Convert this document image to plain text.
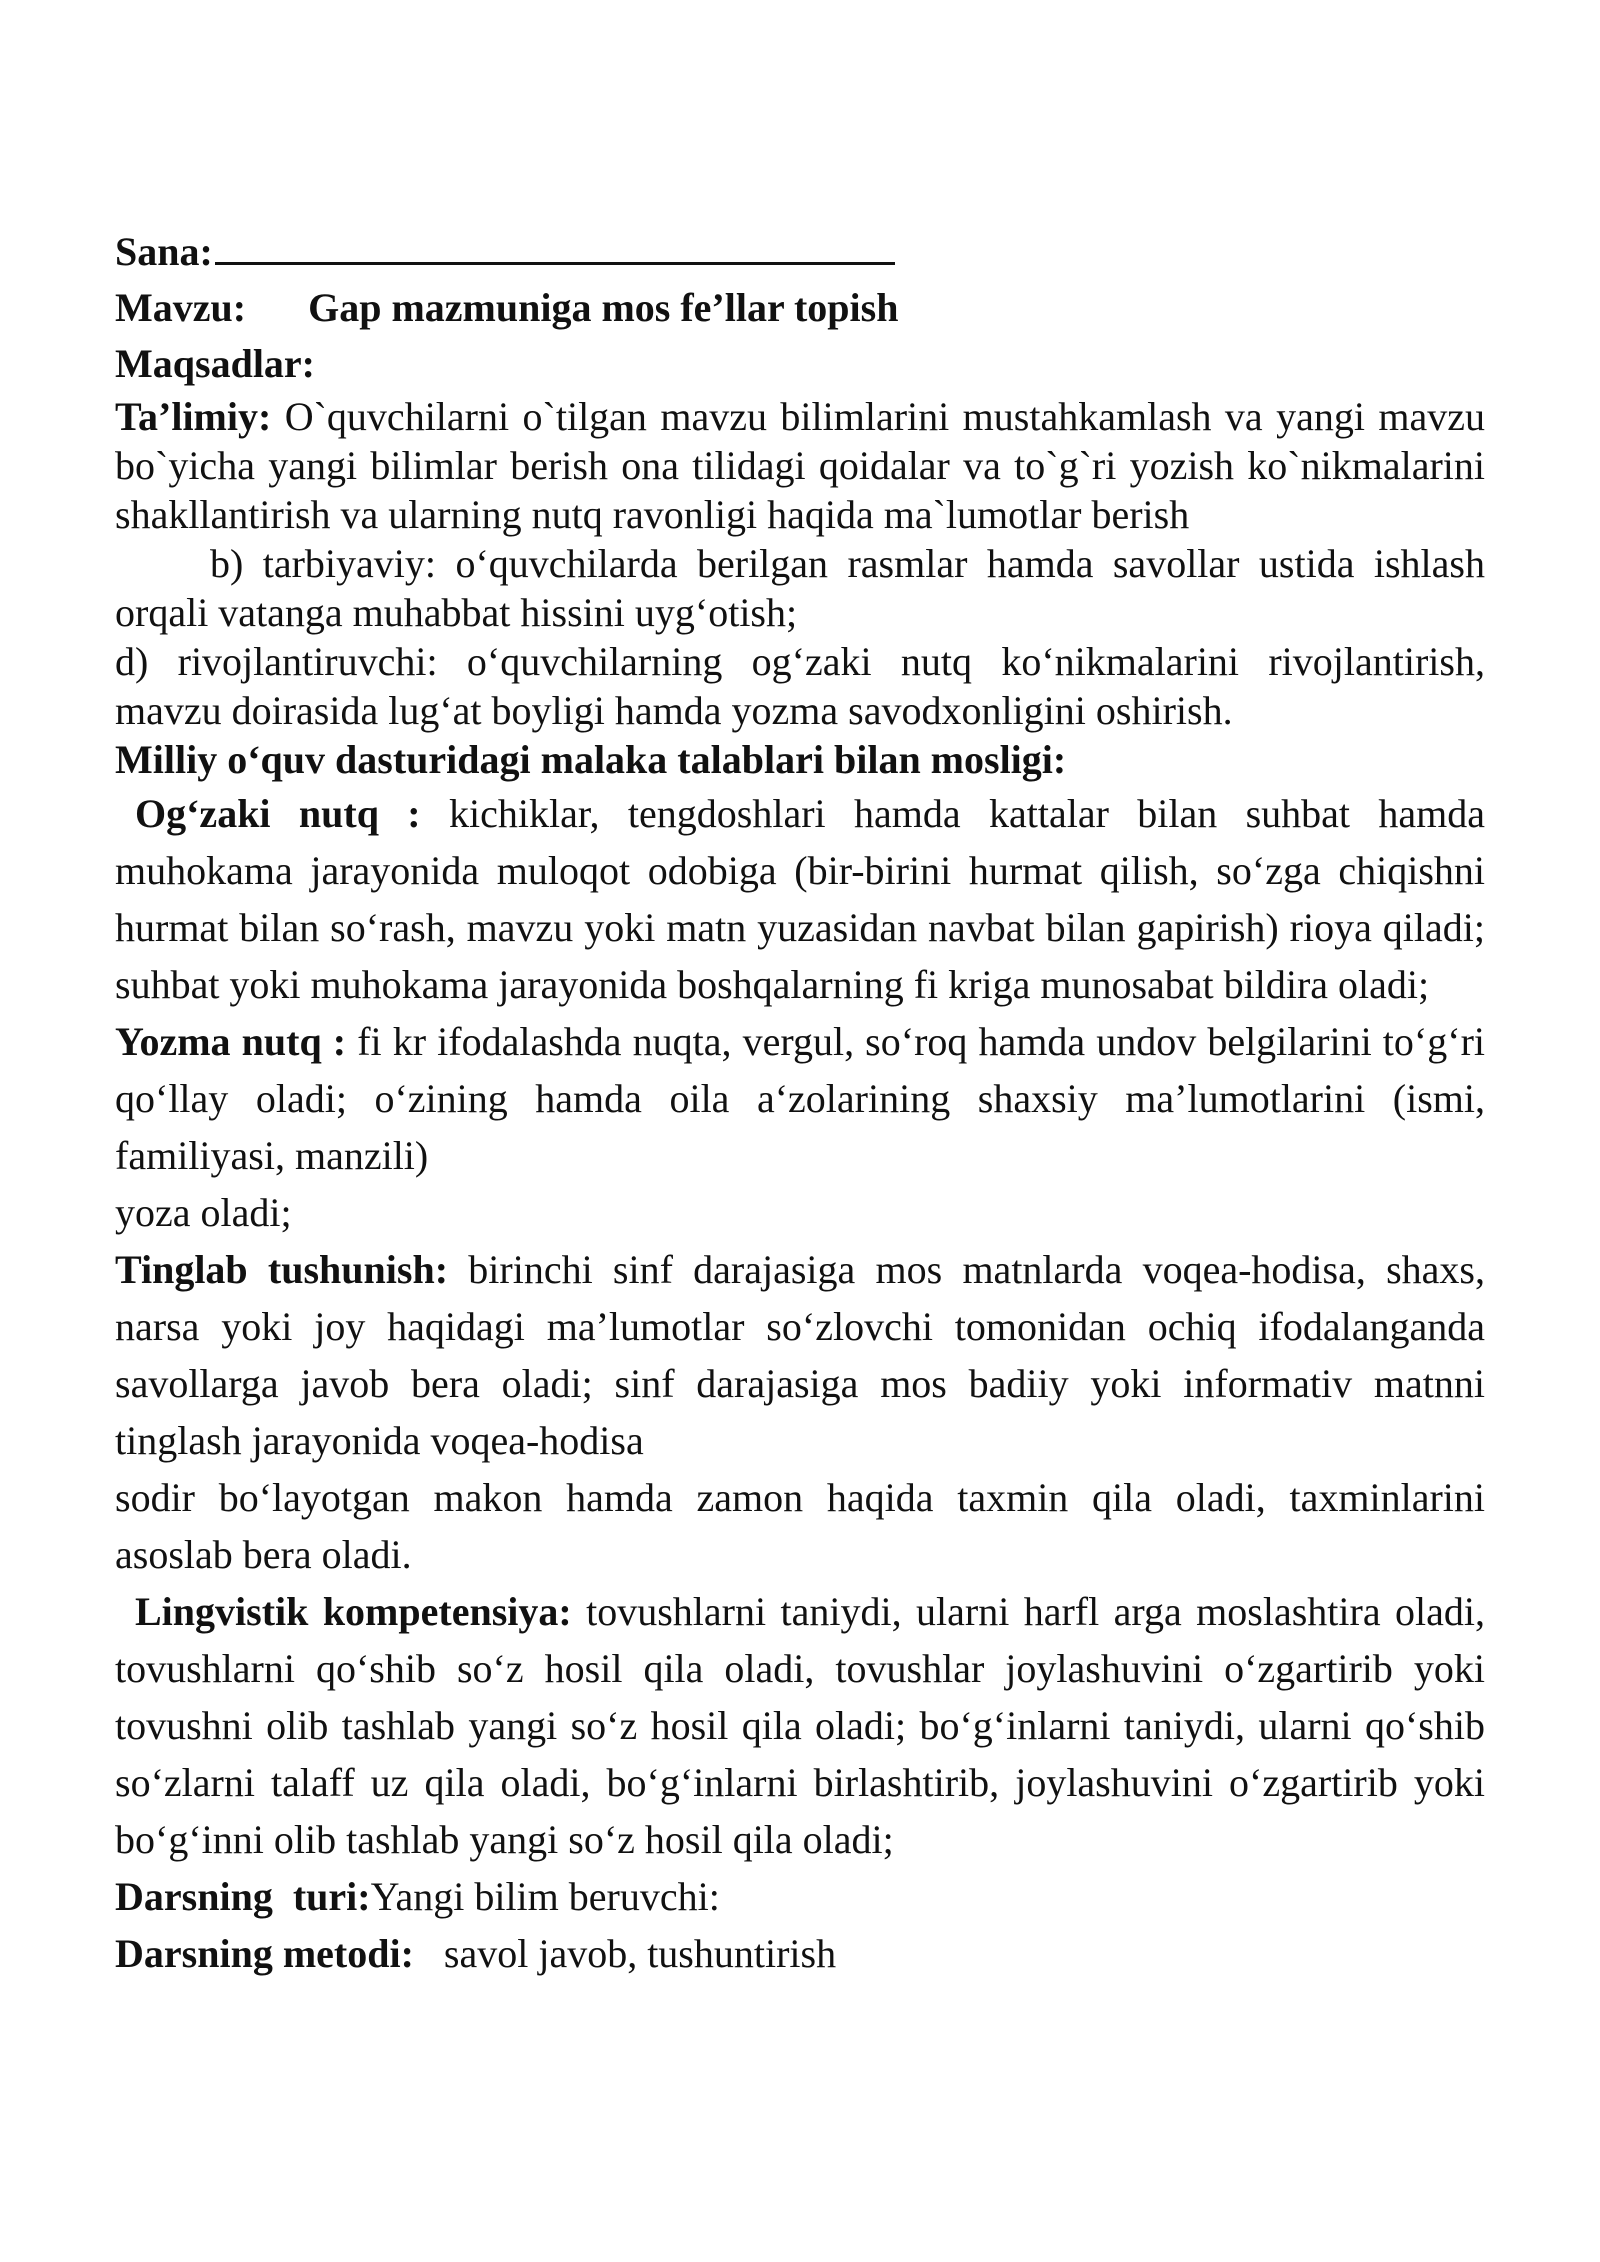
Sana:
Mavzu: Gap mazmuniga mos fe’llar topish
Maqsadlar:
Ta’limiy: O`quvchilarni o`tilgan mavzu bilimlarini mustahkamlash va yangi mavzu bo`yicha yangi bilimlar berish ona tilidagi qoidalar va to`g`ri yozish ko`nikmalarini shakllantirish va ularning nutq ravonligi haqida ma`lumotlar berish
b) tarbiyaviy: o‘quvchilarda berilgan rasmlar hamda savollar ustida ishlash orqali vatanga muhabbat hissini uyg‘otish;
d) rivojlantiruvchi: o‘quvchilarning og‘zaki nutq ko‘nikmalarini rivojlantirish, mavzu doirasida lug‘at boyligi hamda yozma savodxonligini oshirish.
Milliy o‘quv dasturidagi malaka talablari bilan mosligi:
Og‘zaki nutq : kichiklar, tengdoshlari hamda kattalar bilan suhbat hamda muhokama jarayonida muloqot odobiga (bir-birini hurmat qilish, so‘zga chiqishni hurmat bilan so‘rash, mavzu yoki matn yuzasidan navbat bilan gapirish) rioya qiladi; suhbat yoki muhokama jarayonida boshqalarning fi kriga munosabat bildira oladi;
Yozma nutq : fi kr ifodalashda nuqta, vergul, so‘roq hamda undov belgilarini to‘g‘ri qo‘llay oladi; o‘zining hamda oila a‘zolarining shaxsiy ma’lumotlarini (ismi, familiyasi, manzili)
yoza oladi;
Tinglab tushunish: birinchi sinf darajasiga mos matnlarda voqea-hodisa, shaxs, narsa yoki joy haqidagi ma’lumotlar so‘zlovchi tomonidan ochiq ifodalanganda savollarga javob bera oladi; sinf darajasiga mos badiiy yoki informativ matnni tinglash jarayonida voqea-hodisa
sodir bo‘layotgan makon hamda zamon haqida taxmin qila oladi, taxminlarini asoslab bera oladi.
Lingvistik kompetensiya: tovushlarni taniydi, ularni harfl arga moslashtira oladi, tovushlarni qo‘shib so‘z hosil qila oladi, tovushlar joylashuvini o‘zgartirib yoki tovushni olib tashlab yangi so‘z hosil qila oladi; bo‘g‘inlarni taniydi, ularni qo‘shib so‘zlarni talaff uz qila oladi, bo‘g‘inlarni birlashtirib, joylashuvini o‘zgartirib yoki bo‘g‘inni olib tashlab yangi so‘z hosil qila oladi;
Darsning  turi:Yangi bilim beruvchi:
Darsning metodi:   savol javob, tushuntirish
